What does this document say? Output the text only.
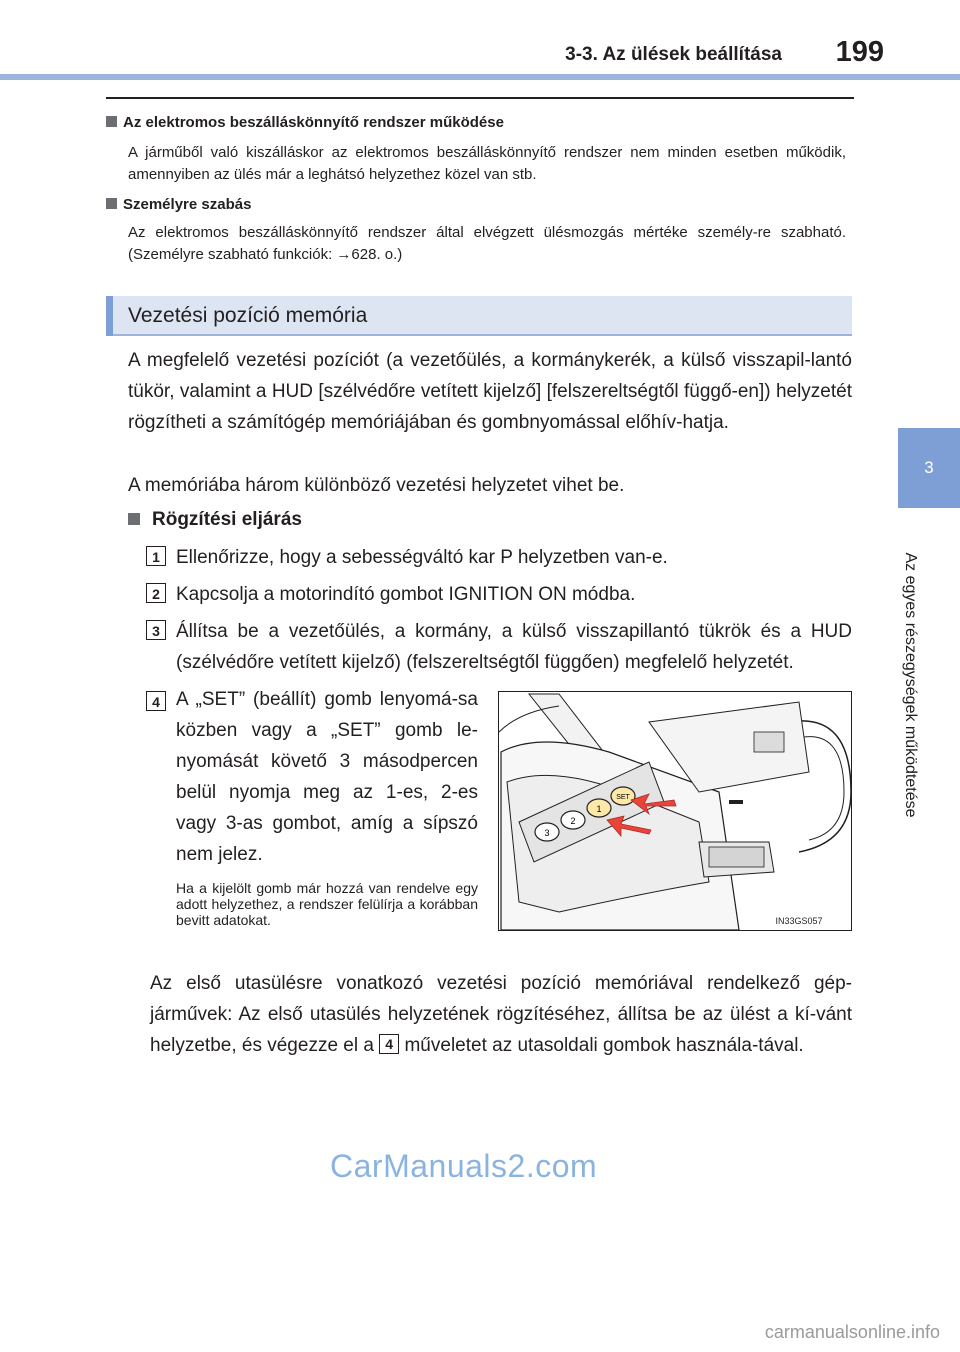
3-3. Az ülések beállítása 199
3
Az egyes részegységek működtetése
Az elektromos beszálláskönnyítő rendszer működése
A járműből való kiszálláskor az elektromos beszálláskönnyítő rendszer nem minden esetben működik, amennyiben az ülés már a leghátsó helyzethez közel van stb.
Személyre szabás
Az elektromos beszálláskönnyítő rendszer által elvégzett ülésmozgás mértéke személy-re szabható. (Személyre szabható funkciók: →628. o.)
Vezetési pozíció memória
A megfelelő vezetési pozíciót (a vezetőülés, a kormánykerék, a külső visszapil-lantó tükör, valamint a HUD [szélvédőre vetített kijelző] [felszereltségtől függő-en]) helyzetét rögzítheti a számítógép memóriájában és gombnyomással előhív-hatja.
A memóriába három különböző vezetési helyzetet vihet be.
Rögzítési eljárás
1 Ellenőrizze, hogy a sebességváltó kar P helyzetben van-e.
2 Kapcsolja a motorindító gombot IGNITION ON módba.
3 Állítsa be a vezetőülés, a kormány, a külső visszapillantó tükrök és a HUD (szélvédőre vetített kijelző) (felszereltségtől függően) megfelelő helyzetét.
4 A „SET” (beállít) gomb lenyomá-sa közben vagy a „SET” gomb le-nyomását követő 3 másodpercen belül nyomja meg az 1-es, 2-es vagy 3-as gombot, amíg a sípszó nem jelez.
Ha a kijelölt gomb már hozzá van rendelve egy adott helyzethez, a rendszer felülírja a korábban bevitt adatokat.
3
2
1
SET
IN33GS057
Az első utasülésre vonatkozó vezetési pozíció memóriával rendelkező gép-járművek: Az első utasülés helyzetének rögzítéséhez, állítsa be az ülést a kí-vánt helyzetbe, és végezze el a 4 műveletet az utasoldali gombok használa-tával.
CarManuals2.com
carmanualsonline.info
